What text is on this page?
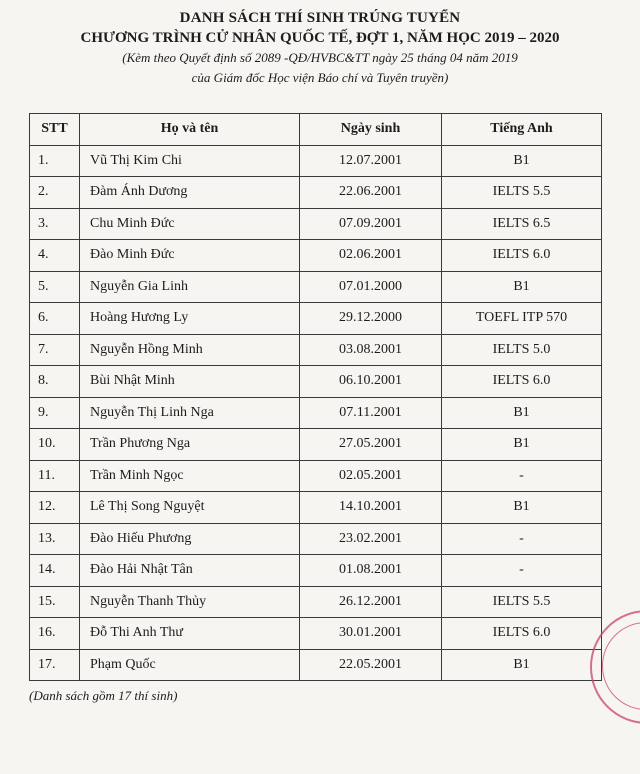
DANH SÁCH THÍ SINH TRÚNG TUYỂN
CHƯƠNG TRÌNH CỬ NHÂN QUỐC TẾ, ĐỢT 1, NĂM HỌC 2019 – 2020
(Kèm theo Quyết định số 2089 -QĐ/HVBC&TT ngày 25 tháng 04 năm 2019
của Giám đốc Học viện Báo chí và Tuyên truyền)
STT	Họ và tên	Ngày sinh	Tiếng Anh
1.	Vũ Thị Kim Chi	12.07.2001	B1
2.	Đàm Ánh Dương	22.06.2001	IELTS 5.5
3.	Chu Minh Đức	07.09.2001	IELTS 6.5
4.	Đào Minh Đức	02.06.2001	IELTS 6.0
5.	Nguyễn Gia Linh	07.01.2000	B1
6.	Hoàng Hương Ly	29.12.2000	TOEFL ITP 570
7.	Nguyễn Hồng Minh	03.08.2001	IELTS 5.0
8.	Bùi Nhật Minh	06.10.2001	IELTS 6.0
9.	Nguyễn Thị Linh Nga	07.11.2001	B1
10.	Trần Phương Nga	27.05.2001	B1
11.	Trần Minh Ngọc	02.05.2001	-
12.	Lê Thị Song Nguyệt	14.10.2001	B1
13.	Đào Hiếu Phương	23.02.2001	-
14.	Đào Hải Nhật Tân	01.08.2001	-
15.	Nguyễn Thanh Thủy	26.12.2001	IELTS 5.5
16.	Đỗ Thi Anh Thư	30.01.2001	IELTS 6.0
17.	Phạm Quốc	22.05.2001	B1
(Danh sách gồm 17 thí sinh)
